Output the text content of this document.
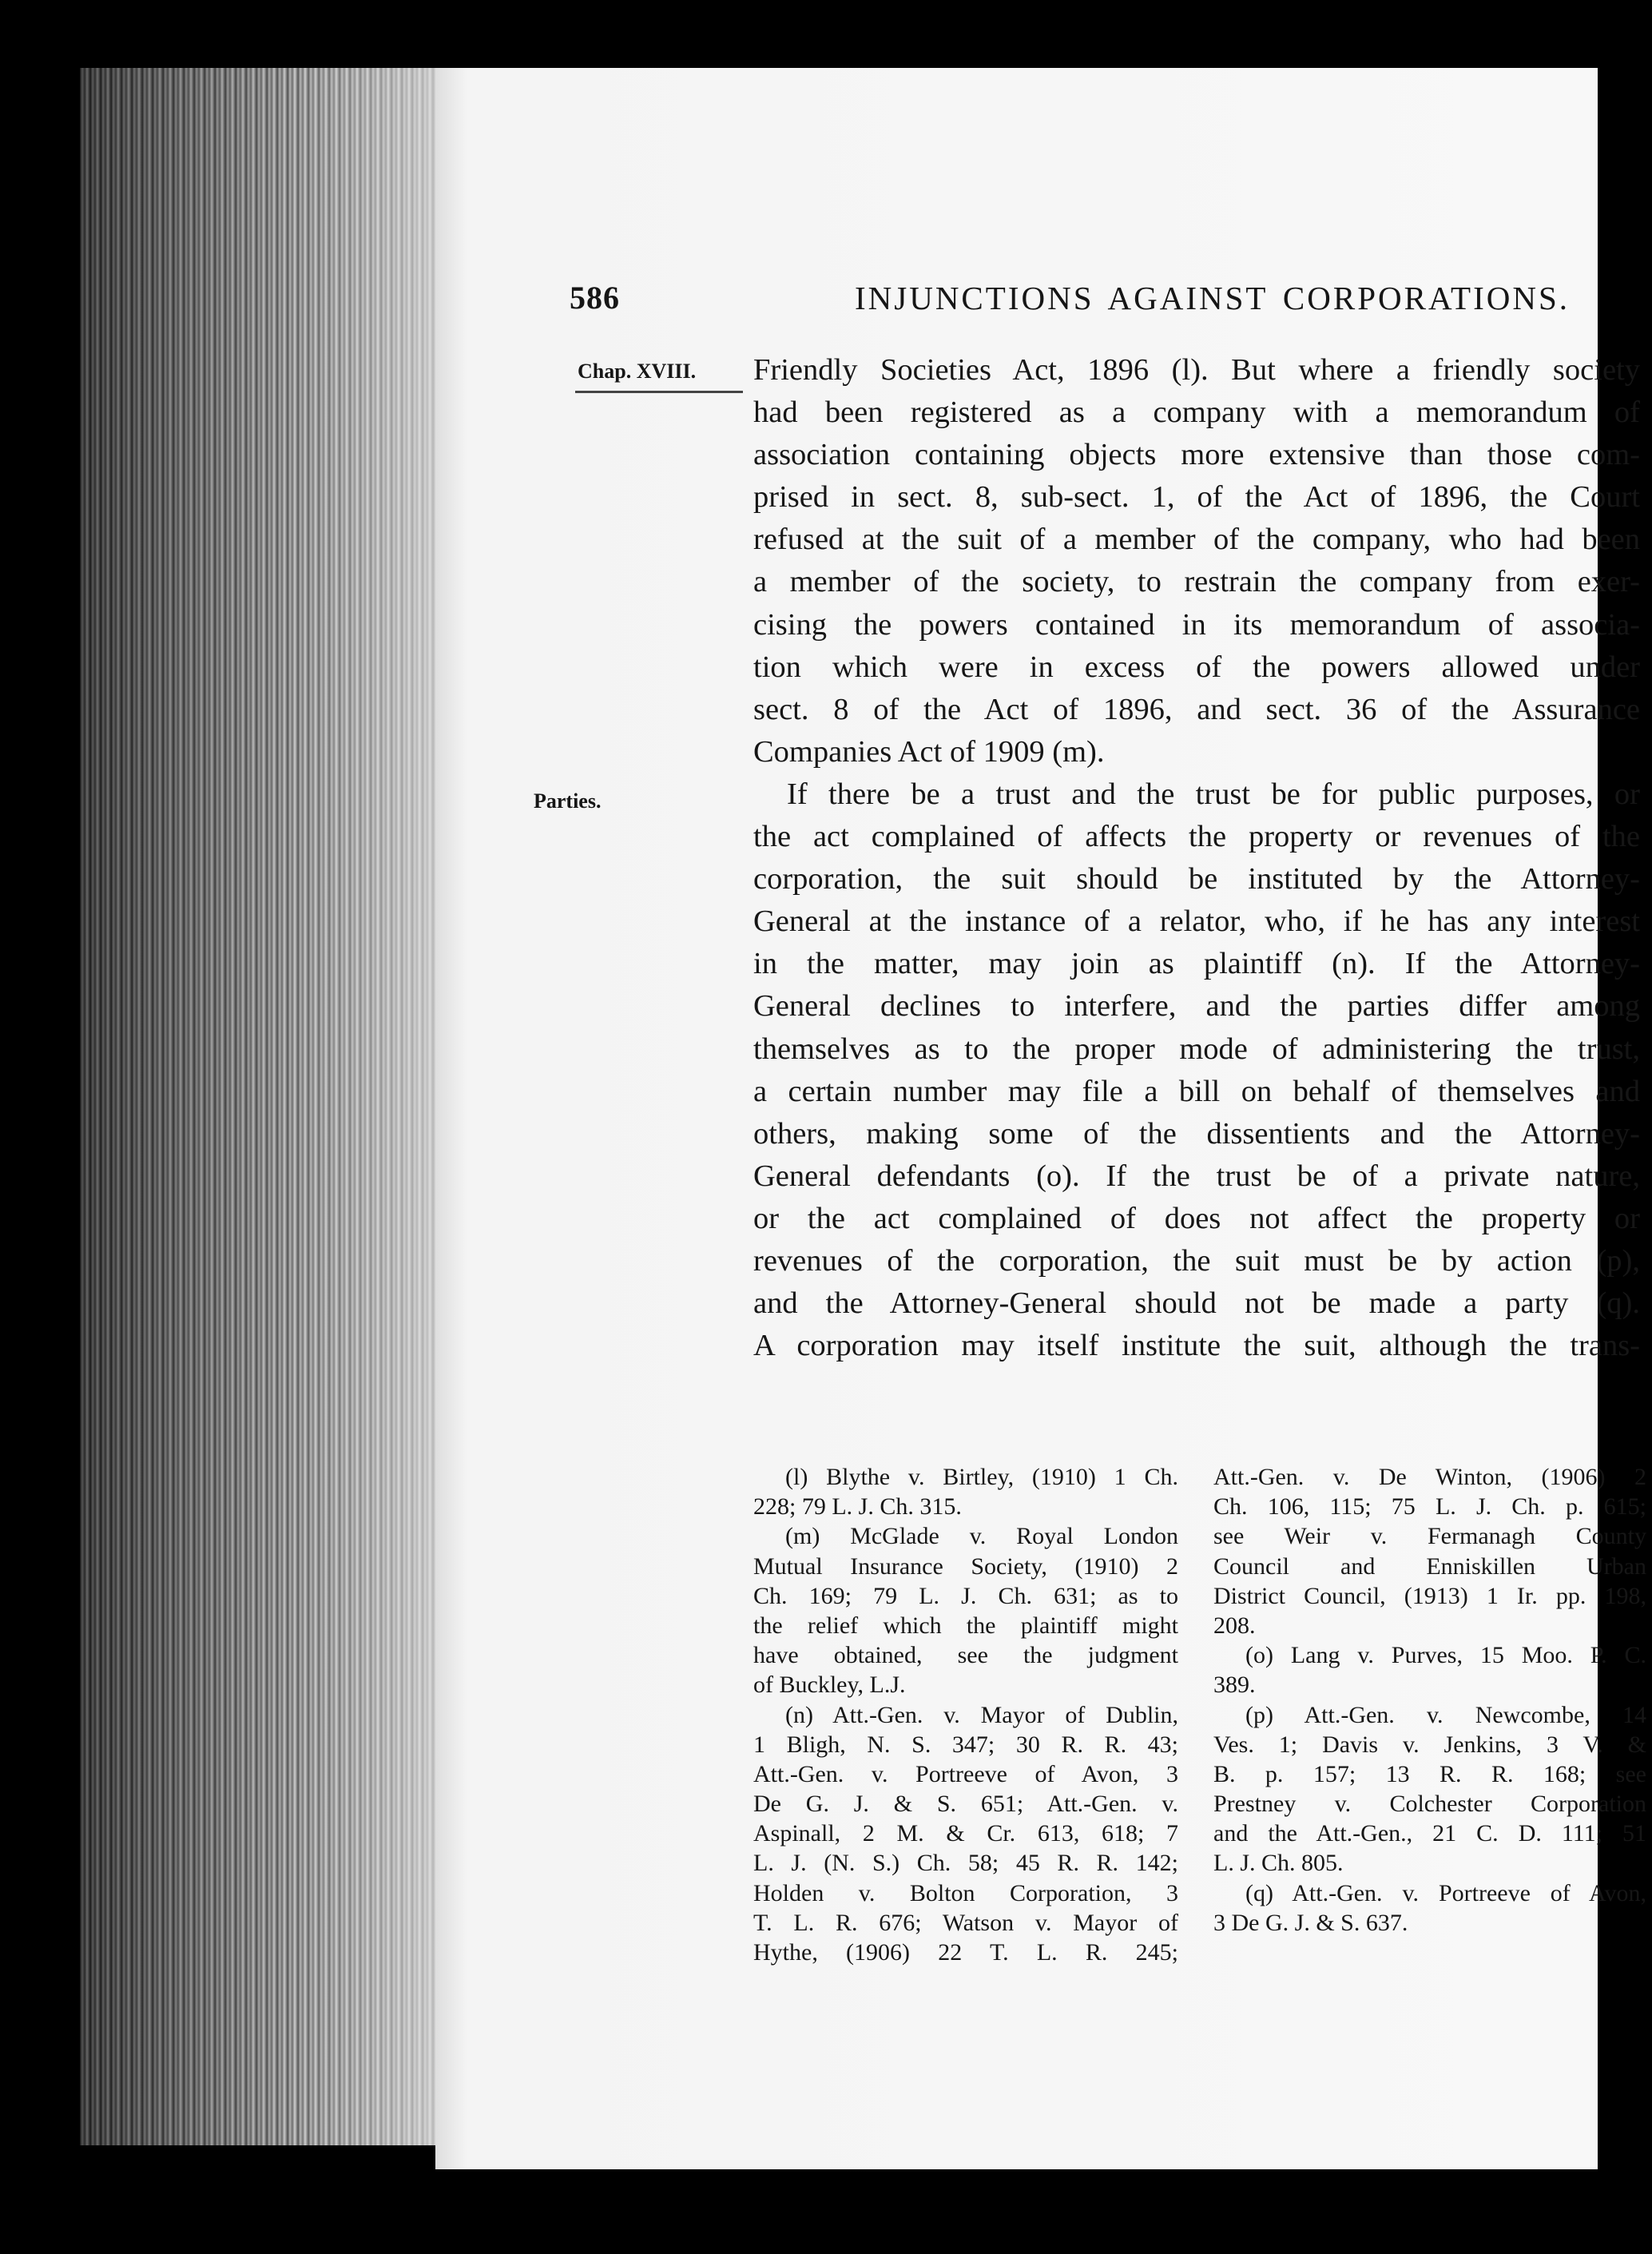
586	INJUNCTIONS AGAINST CORPORATIONS.
Chap. XVIII.
Parties.
Friendly Societies Act, 1896 (l). But where a friendly society
had been registered as a company with a memorandum of
association containing objects more extensive than those com-
prised in sect. 8, sub-sect. 1, of the Act of 1896, the Court
refused at the suit of a member of the company, who had been
a member of the society, to restrain the company from exer-
cising the powers contained in its memorandum of associa-
tion which were in excess of the powers allowed under
sect. 8 of the Act of 1896, and sect. 36 of the Assurance
Companies Act of 1909 (m).
If there be a trust and the trust be for public purposes, or
the act complained of affects the property or revenues of the
corporation, the suit should be instituted by the Attorney-
General at the instance of a relator, who, if he has any interest
in the matter, may join as plaintiff (n). If the Attorney-
General declines to interfere, and the parties differ among
themselves as to the proper mode of administering the trust,
a certain number may file a bill on behalf of themselves and
others, making some of the dissentients and the Attorney-
General defendants (o). If the trust be of a private nature,
or the act complained of does not affect the property or
revenues of the corporation, the suit must be by action (p),
and the Attorney-General should not be made a party (q).
A corporation may itself institute the suit, although the trans-
(l) Blythe v. Birtley, (1910) 1 Ch.
228; 79 L. J. Ch. 315.
(m) McGlade v. Royal London
Mutual Insurance Society, (1910) 2
Ch. 169; 79 L. J. Ch. 631; as to
the relief which the plaintiff might
have obtained, see the judgment
of Buckley, L.J.
(n) Att.-Gen. v. Mayor of Dublin,
1 Bligh, N. S. 347; 30 R. R. 43;
Att.-Gen. v. Portreeve of Avon, 3
De G. J. & S. 651; Att.-Gen. v.
Aspinall, 2 M. & Cr. 613, 618; 7
L. J. (N. S.) Ch. 58; 45 R. R. 142;
Holden v. Bolton Corporation, 3
T. L. R. 676; Watson v. Mayor of
Hythe, (1906) 22 T. L. R. 245;
Att.-Gen. v. De Winton, (1906) 2
Ch. 106, 115; 75 L. J. Ch. p. 615;
see Weir v. Fermanagh County
Council and Enniskillen Urban
District Council, (1913) 1 Ir. pp. 198,
208.
(o) Lang v. Purves, 15 Moo. P. C.
389.
(p) Att.-Gen. v. Newcombe, 14
Ves. 1; Davis v. Jenkins, 3 V. &
B. p. 157; 13 R. R. 168; see
Prestney v. Colchester Corporation
and the Att.-Gen., 21 C. D. 111; 51
L. J. Ch. 805.
(q) Att.-Gen. v. Portreeve of Avon,
3 De G. J. & S. 637.
